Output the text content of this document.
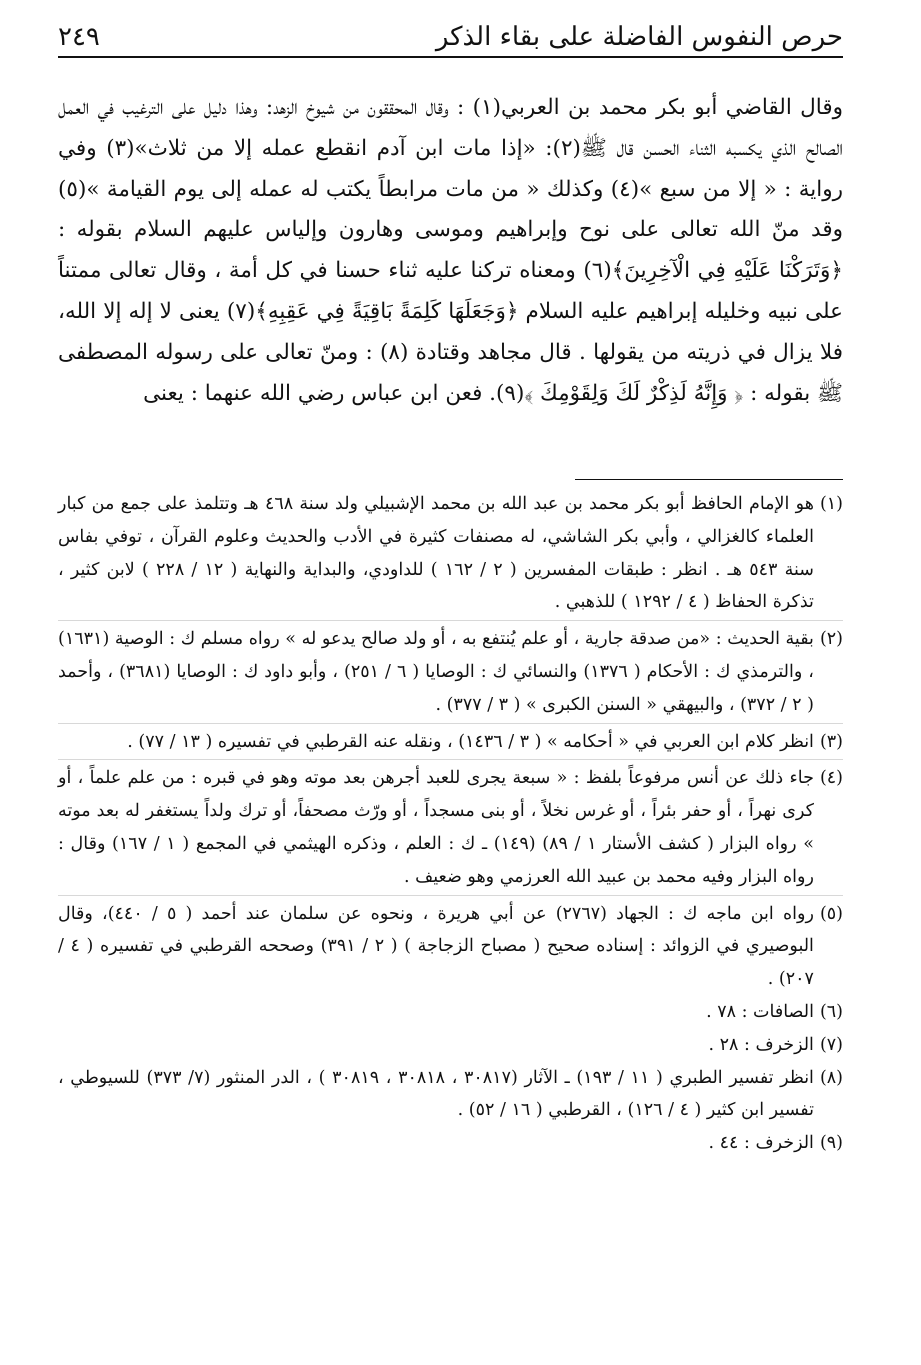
حرص النفوس الفاضلة على بقاء الذكر
٢٤٩

وقال القاضي أبو بكر محمد بن العربي(١) : وقال المحققون من شيوخ الزهد: وهذا دليل على الترغيب في العمل الصالح الذي يكسبه الثناء الحسن قال ﷺ(٢): «إذا مات ابن آدم انقطع عمله إلا من ثلاث»(٣) وفي رواية : « إلا من سبع »(٤) وكذلك « من مات مرابطاً يكتب له عمله إلى يوم القيامة »(٥) وقد منّ الله تعالى على نوح وإبراهيم وموسى وهارون وإلياس عليهم السلام بقوله : ﴿وَتَرَكْنَا عَلَيْهِ فِي الْآخِرِينَ﴾(٦) ومعناه تركنا عليه ثناء حسنا في كل أمة ، وقال تعالى ممتناً على نبيه وخليله إبراهيم عليه السلام ﴿وَجَعَلَهَا كَلِمَةً بَاقِيَةً فِي عَقِبِهِ﴾(٧) يعنى لا إله إلا الله، فلا يزال في ذريته من يقولها . قال مجاهد وقتادة (٨) : ومنّ تعالى على رسوله المصطفى ﷺ بقوله : ﴿ وَإِنَّهُ لَذِكْرٌ لَكَ وَلِقَوْمِكَ ﴾(٩). فعن ابن عباس رضي الله عنهما : يعنى

(١)
هو الإمام الحافظ أبو بكر محمد بن عبد الله بن محمد الإشبيلي ولد سنة ٤٦٨ هـ وتتلمذ على جمع من كبار العلماء كالغزالي ، وأبي بكر الشاشي، له مصنفات كثيرة في الأدب والحديث وعلوم القرآن ، توفي بفاس سنة ٥٤٣ هـ . انظر : طبقات المفسرين ( ٢ / ١٦٢ ) للداودي، والبداية والنهاية ( ١٢ / ٢٢٨ ) لابن كثير ، تذكرة الحفاظ ( ٤ / ١٢٩٢ ) للذهبي .
(٢)
بقية الحديث : «من صدقة جارية ، أو علم يُنتفع به ، أو ولد صالح يدعو له » رواه مسلم ك : الوصية (١٦٣١) ، والترمذي ك : الأحكام ( ١٣٧٦) والنسائي ك : الوصايا ( ٦ / ٢٥١) ، وأبو داود ك : الوصايا (٣٦٨١) ، وأحمد ( ٢ / ٣٧٢) ، والبيهقي « السنن الكبرى » ( ٣ / ٣٧٧) .
(٣)
انظر كلام ابن العربي في « أحكامه » ( ٣ / ١٤٣٦) ، ونقله عنه القرطبي في تفسيره ( ١٣ / ٧٧) .
(٤)
جاء ذلك عن أنس مرفوعاً بلفظ : « سبعة يجرى للعبد أجرهن بعد موته وهو في قبره : من علم علماً ، أو كرى نهراً ، أو حفر بئراً ، أو غرس نخلاً ، أو بنى مسجداً ، أو ورّث مصحفاً، أو ترك ولداً يستغفر له بعد موته » رواه البزار ( كشف الأستار ١ / ٨٩) (١٤٩) ـ ك : العلم ، وذكره الهيثمي في المجمع ( ١ / ١٦٧) وقال : رواه البزار وفيه محمد بن عبيد الله العرزمي وهو ضعيف .
(٥)
رواه ابن ماجه ك : الجهاد (٢٧٦٧) عن أبي هريرة ، ونحوه عن سلمان عند أحمد ( ٥ / ٤٤٠)، وقال البوصيري في الزوائد : إسناده صحيح ( مصباح الزجاجة ) ( ٢ / ٣٩١) وصححه القرطبي في تفسيره ( ٤ / ٢٠٧) .
(٦)
الصافات : ٧٨ .
(٧)
الزخرف : ٢٨ .
(٨)
انظر تفسير الطبري ( ١١ / ١٩٣) ـ الآثار (٣٠٨١٧ ، ٣٠٨١٨ ، ٣٠٨١٩ ) ، الدر المنثور (٧/ ٣٧٣) للسيوطي ، تفسير ابن كثير ( ٤ / ١٢٦) ، القرطبي ( ١٦ / ٥٢) .
(٩)
الزخرف : ٤٤ .
